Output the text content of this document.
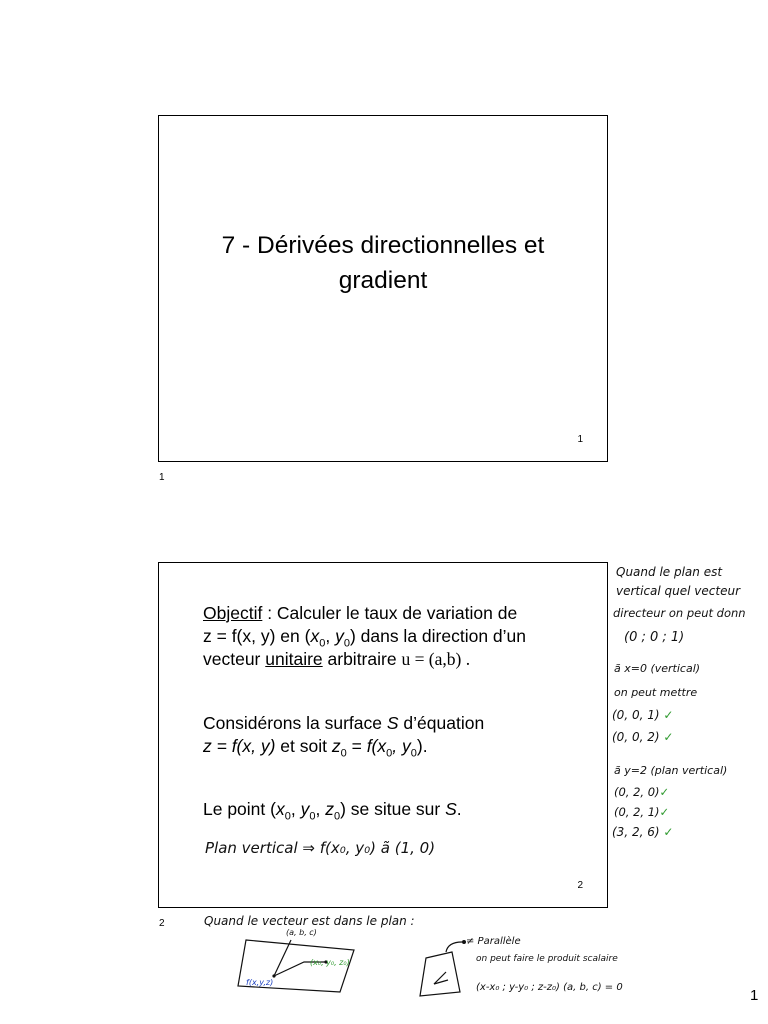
7 - Dérivées directionnelles et
gradient
1
1
Objectif : Calculer le taux de variation de
z = f(x, y) en ($x_0$, $y_0$) dans la direction d’un
vecteur unitaire arbitraire u = (a,b) .
Considérons la surface S d’équation
z = f(x, y) et soit $z_0 = f(x_0$, $y_0$).
Le point ($x_0$, $y_0$, $z_0$) se situe sur S.
Plan vertical ⇒ f(x₀, y₀) ã (1, 0)
2
2
Quand le plan est
vertical quel vecteur
directeur on peut donn
(0 ; 0 ; 1)
ã x=0 (vertical)
on peut mettre
(0, 0, 1) ✓
(0, 0, 2) ✓
ã y=2 (plan vertical)
(0, 2, 0)✓
(0, 2, 1)✓
(3, 2, 6) ✓
Quand le vecteur est dans le plan :
(a, b, c)
f(x,y,z)
(x₀, y₀, z₀)
≠ Parallèle
on peut faire le produit scalaire
(x-x₀ ; y-y₀ ; z-z₀) (a, b, c) = 0	1
